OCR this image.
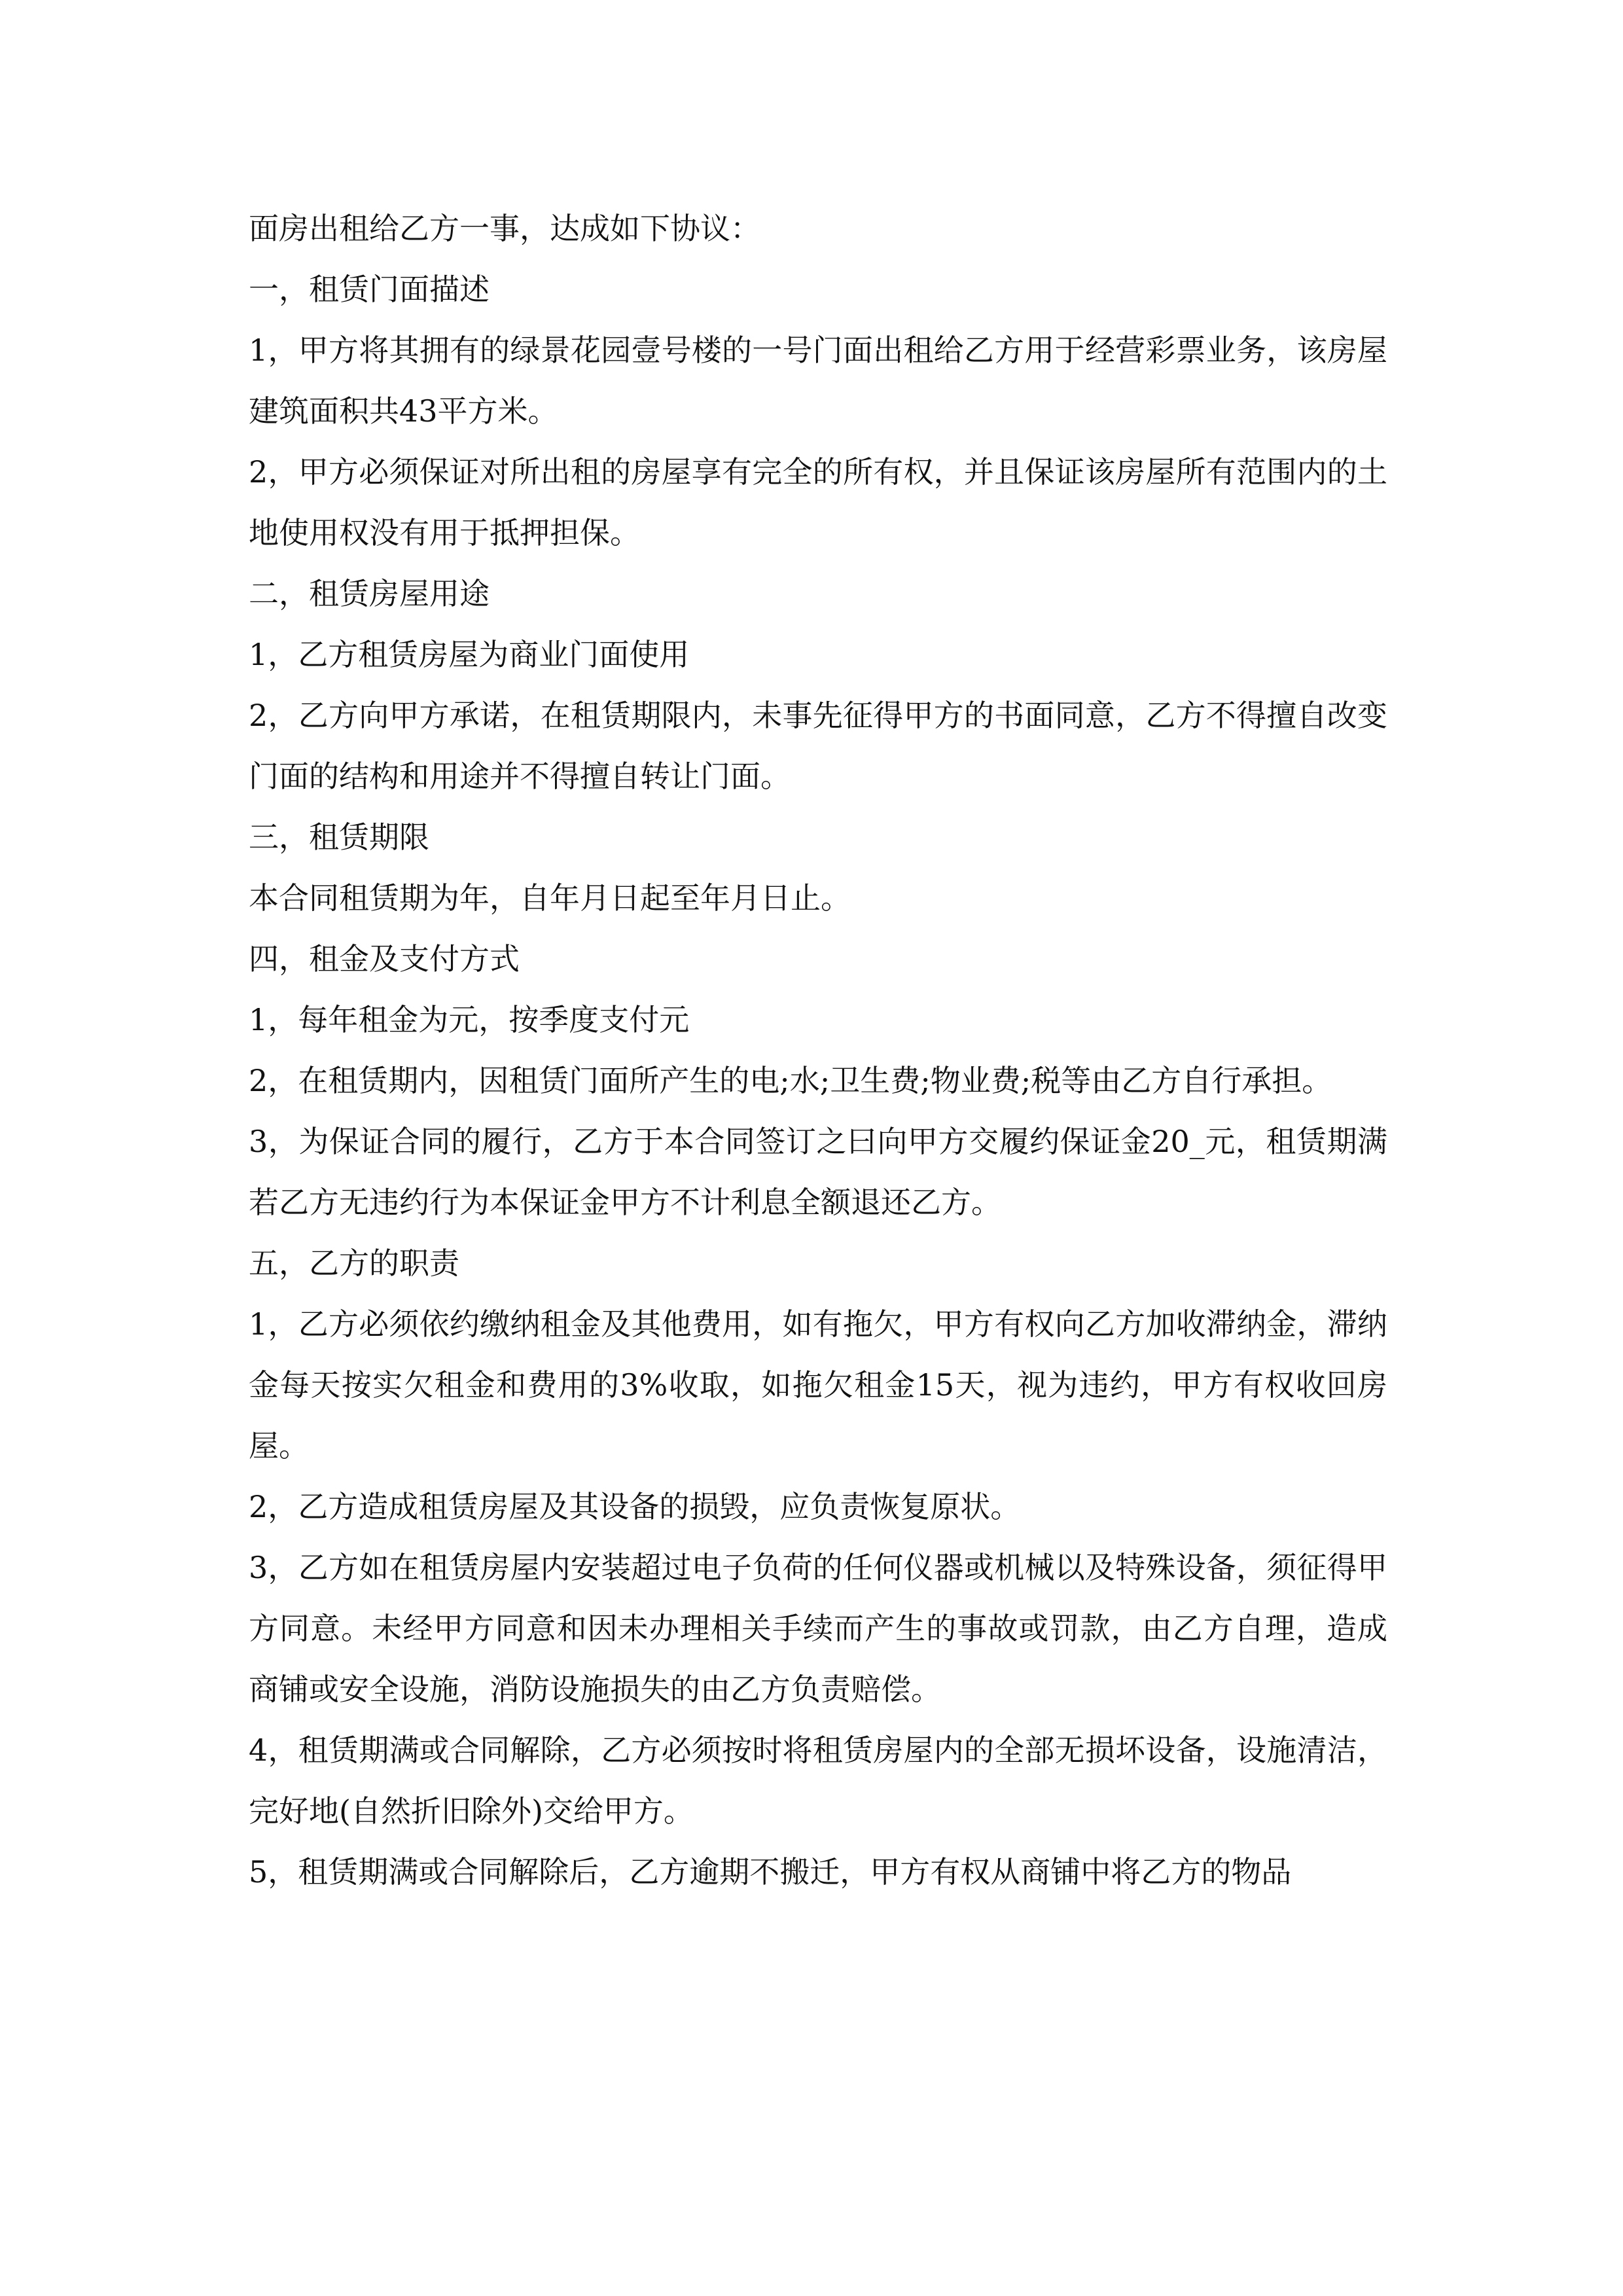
面房出租给乙方一事，达成如下协议：

一，租赁门面描述

1，甲方将其拥有的绿景花园壹号楼的一号门面出租给乙方用于经营彩票业务，该房屋建筑面积共43平方米。

2，甲方必须保证对所出租的房屋享有完全的所有权，并且保证该房屋所有范围内的土地使用权没有用于抵押担保。

二，租赁房屋用途

1，乙方租赁房屋为商业门面使用

2，乙方向甲方承诺，在租赁期限内，未事先征得甲方的书面同意，乙方不得擅自改变门面的结构和用途并不得擅自转让门面。

三，租赁期限

本合同租赁期为年，自年月日起至年月日止。

四，租金及支付方式

1，每年租金为元，按季度支付元

2，在租赁期内，因租赁门面所产生的电;水;卫生费;物业费;税等由乙方自行承担。

3，为保证合同的履行，乙方于本合同签订之曰向甲方交履约保证金20_元，租赁期满若乙方无违约行为本保证金甲方不计利息全额退还乙方。

五，乙方的职责

1，乙方必须依约缴纳租金及其他费用，如有拖欠，甲方有权向乙方加收滞纳金，滞纳金每天按实欠租金和费用的3%收取，如拖欠租金15天，视为违约，甲方有权收回房屋。

2，乙方造成租赁房屋及其设备的损毁，应负责恢复原状。

3，乙方如在租赁房屋内安装超过电子负荷的任何仪器或机械以及特殊设备，须征得甲方同意。未经甲方同意和因未办理相关手续而产生的事故或罚款，由乙方自理，造成商铺或安全设施，消防设施损失的由乙方负责赔偿。

4，租赁期满或合同解除，乙方必须按时将租赁房屋内的全部无损坏设备，设施清洁，完好地(自然折旧除外)交给甲方。

5，租赁期满或合同解除后，乙方逾期不搬迁，甲方有权从商铺中将乙方的物品
